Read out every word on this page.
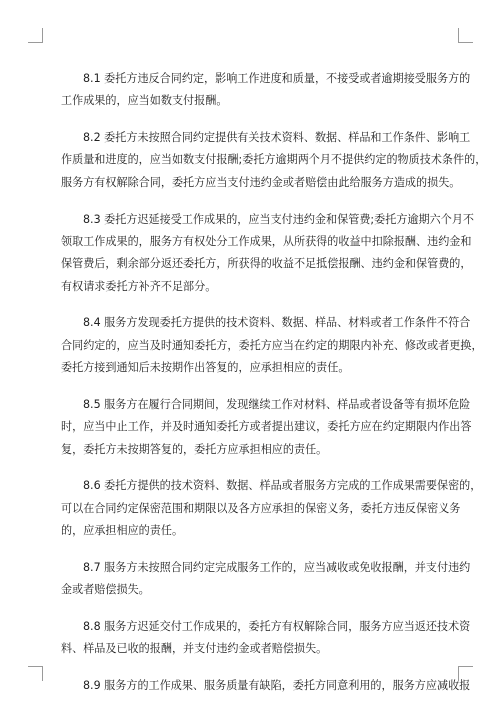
8.1 委托方违反合同约定，影响工作进度和质量，不接受或者逾期接受服务方的
工作成果的，应当如数支付报酬。

8.2 委托方未按照合同约定提供有关技术资料、数据、样品和工作条件、影响工
作质量和进度的，应当如数支付报酬;委托方逾期两个月不提供约定的物质技术条件的，
服务方有权解除合同，委托方应当支付违约金或者赔偿由此给服务方造成的损失。

8.3 委托方迟延接受工作成果的，应当支付违约金和保管费;委托方逾期六个月不
领取工作成果的，服务方有权处分工作成果，从所获得的收益中扣除报酬、违约金和
保管费后，剩余部分返还委托方，所获得的收益不足抵偿报酬、违约金和保管费的，
有权请求委托方补齐不足部分。

8.4 服务方发现委托方提供的技术资料、数据、样品、材料或者工作条件不符合
合同约定的，应当及时通知委托方，委托方应当在约定的期限内补充、修改或者更换，
委托方接到通知后未按期作出答复的，应承担相应的责任。

8.5 服务方在履行合同期间，发现继续工作对材料、样品或者设备等有损坏危险
时，应当中止工作，并及时通知委托方或者提出建议，委托方应在约定期限内作出答
复，委托方未按期答复的，委托方应承担相应的责任。

8.6 委托方提供的技术资料、数据、样品或者服务方完成的工作成果需要保密的，
可以在合同约定保密范围和期限以及各方应承担的保密义务，委托方违反保密义务
的，应承担相应的责任。

8.7 服务方未按照合同约定完成服务工作的，应当减收或免收报酬，并支付违约
金或者赔偿损失。

8.8 服务方迟延交付工作成果的，委托方有权解除合同，服务方应当返还技术资
料、样品及已收的报酬，并支付违约金或者赔偿损失。

8.9 服务方的工作成果、服务质量有缺陷，委托方同意利用的，服务方应减收报
